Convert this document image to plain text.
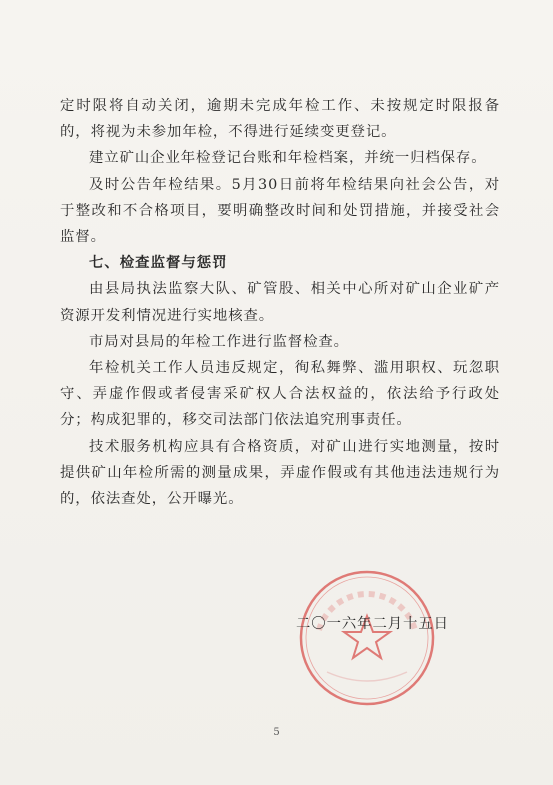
定时限将自动关闭，逾期未完成年检工作、未按规定时限报备的，将视为未参加年检，不得进行延续变更登记。

建立矿山企业年检登记台账和年检档案，并统一归档保存。

及时公告年检结果。5月30日前将年检结果向社会公告，对于整改和不合格项目，要明确整改时间和处罚措施，并接受社会监督。

七、检查监督与惩罚

由县局执法监察大队、矿管股、相关中心所对矿山企业矿产资源开发利情况进行实地核查。

市局对县局的年检工作进行监督检查。

年检机关工作人员违反规定，徇私舞弊、滥用职权、玩忽职守、弄虚作假或者侵害采矿权人合法权益的，依法给予行政处分；构成犯罪的，移交司法部门依法追究刑事责任。

技术服务机构应具有合格资质，对矿山进行实地测量，按时提供矿山年检所需的测量成果，弄虚作假或有其他违法违规行为的，依法查处，公开曝光。

二〇一六年二月十五日
5
